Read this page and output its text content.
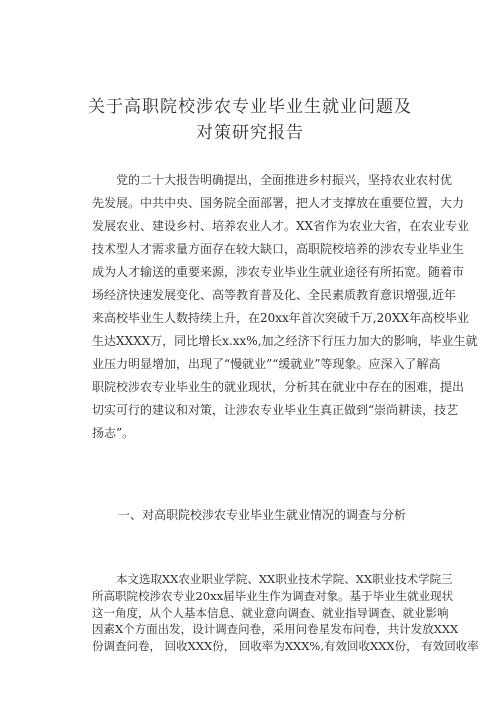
关于高职院校涉农专业毕业生就业问题及
对策研究报告
党的二十大报告明确提出，全面推进乡村振兴，坚持农业农村优
先发展。中共中央、国务院全面部署，把人才支撑放在重要位置，大力
发展农业、建设乡村、培养农业人才。XX省作为农业大省，在农业专业
技术型人才需求量方面存在较大缺口，高职院校培养的涉农专业毕业生
成为人才输送的重要来源，涉农专业毕业生就业途径有所拓宽。随着市
场经济快速发展变化、高等教育普及化、全民素质教育意识增强,近年
来高校毕业生人数持续上升，在20xx年首次突破千万,20XX年高校毕业
生达XXXX万，同比增长x.xx%,加之经济下行压力加大的影响，毕业生就
业压力明显增加，出现了“慢就业”“缓就业”等现象。应深入了解高
职院校涉农专业毕业生的就业现状，分析其在就业中存在的困难，提出
切实可行的建议和对策，让涉农专业毕业生真正做到“崇尚耕读，技艺
扬志”。
一、对高职院校涉农专业毕业生就业情况的调查与分析
本文选取XX农业职业学院、XX职业技术学院、XX职业技术学院三
所高职院校涉农专业20xx届毕业生作为调查对象。基于毕业生就业现状
这一角度，从个人基本信息、就业意向调查、就业指导调查、就业影响
因素X个方面出发，设计调查问卷，采用问卷星发布问卷，共计发放XXX
份调查问卷， 回收XXX份， 回收率为XXX%,有效回收XXX份， 有效回收率
